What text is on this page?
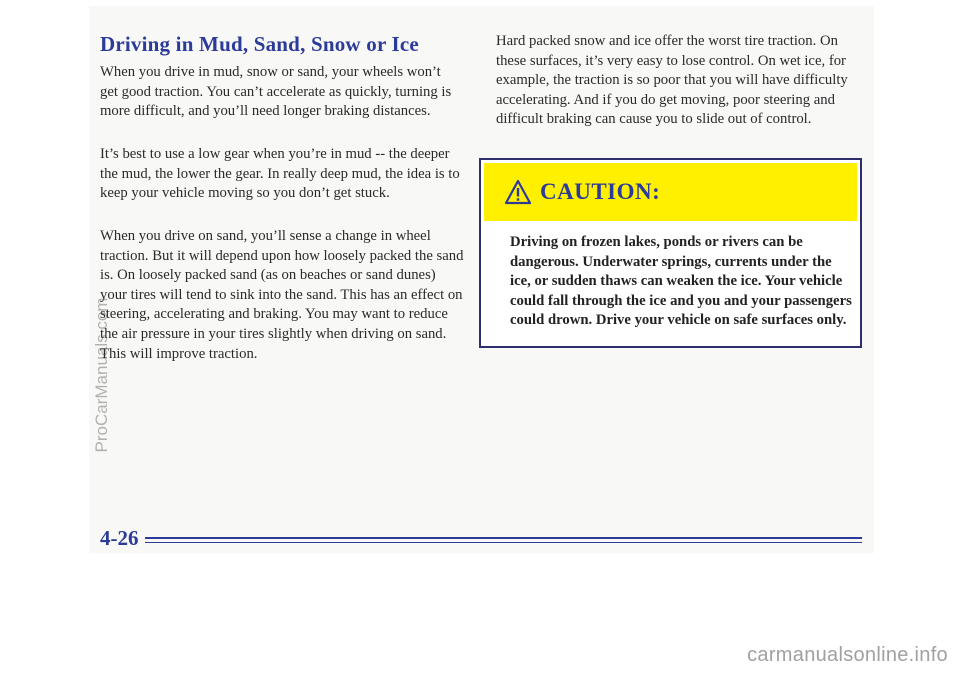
Driving in Mud, Sand, Snow or Ice

When you drive in mud, snow or sand, your wheels won’t get good traction. You can’t accelerate as quickly, turning is more difficult, and you’ll need longer braking distances.

It’s best to use a low gear when you’re in mud -- the deeper the mud, the lower the gear. In really deep mud, the idea is to keep your vehicle moving so you don’t get stuck.

When you drive on sand, you’ll sense a change in wheel traction. But it will depend upon how loosely packed the sand is. On loosely packed sand (as on beaches or sand dunes) your tires will tend to sink into the sand. This has an effect on steering, accelerating and braking. You may want to reduce the air pressure in your tires slightly when driving on sand. This will improve traction.

Hard packed snow and ice offer the worst tire traction. On these surfaces, it’s very easy to lose control. On wet ice, for example, the traction is so poor that you will have difficulty accelerating. And if you do get moving, poor steering and difficult braking can cause you to slide out of control.

CAUTION:

Driving on frozen lakes, ponds or rivers can be dangerous. Underwater springs, currents under the ice, or sudden thaws can weaken the ice. Your vehicle could fall through the ice and you and your passengers could drown. Drive your vehicle on safe surfaces only.

4-26
ProCarManuals.com
carmanualsonline.info
